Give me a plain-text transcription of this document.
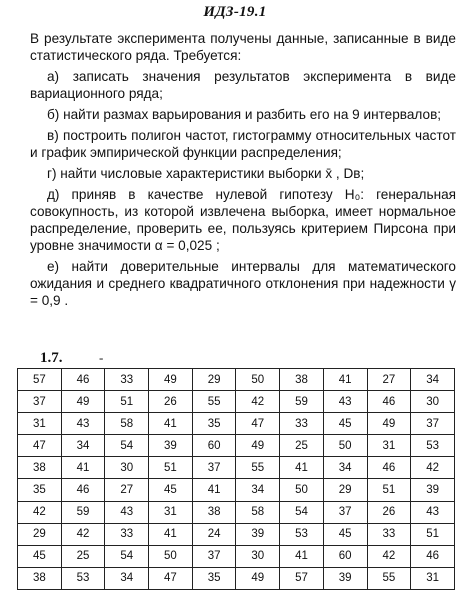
ИДЗ-19.1

В результате эксперимента получены данные, записанные в виде статистического ряда. Требуется:

а) записать значения результатов эксперимента в виде вариационного ряда;

б) найти размах варьирования и разбить его на 9 интервалов;

в) построить полигон частот, гистограмму относительных частот и график эмпирической функции распределения;

г) найти числовые характеристики выборки x̄ , Dв;

д) приняв в качестве нулевой гипотезу H₀: генеральная совокупность, из которой извлечена выборка, имеет нормальное распределение, проверить ее, пользуясь критерием Пирсона при уровне значимости α = 0,025 ;

е) найти доверительные интервалы для математического ожидания и среднего квадратичного отклонения при надежности γ = 0,9 .

1.7.	-
57	46	33	49	29	50	38	41	27	34
37	49	51	26	55	42	59	43	46	30
31	43	58	41	35	47	33	45	49	37
47	34	54	39	60	49	25	50	31	53
38	41	30	51	37	55	41	34	46	42
35	46	27	45	41	34	50	29	51	39
42	59	43	31	38	58	54	37	26	43
29	42	33	41	24	39	53	45	33	51
45	25	54	50	37	30	41	60	42	46
38	53	34	47	35	49	57	39	55	31
